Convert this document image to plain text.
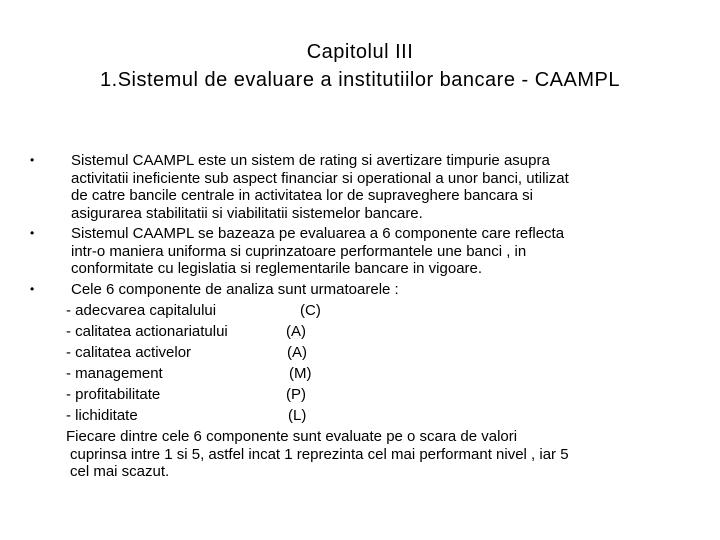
Capitolul III
1.Sistemul de evaluare a institutiilor bancare - CAAMPL
• Sistemul CAAMPL este un sistem de rating si avertizare timpurie asupra
activitatii ineficiente sub aspect financiar si operational a unor banci, utilizat
de catre bancile centrale in activitatea lor de supraveghere bancara si
asigurarea stabilitatii si viabilitatii sistemelor bancare.
• Sistemul CAAMPL se bazeaza pe evaluarea a 6 componente care reflecta
intr-o maniera uniforma si cuprinzatoare performantele une banci , in
conformitate cu legislatia si reglementarile bancare in vigoare.
• Cele 6 componente de analiza sunt urmatoarele :
- adecvarea capitalului	(C)
- calitatea actionariatului	(A)
- calitatea activelor	(A)
- management	(M)
- profitabilitate	(P)
- lichiditate	(L)
Fiecare dintre cele 6 componente sunt evaluate pe o scara de valori
cuprinsa intre 1 si 5, astfel incat 1 reprezinta cel mai performant nivel , iar 5
cel mai scazut.
